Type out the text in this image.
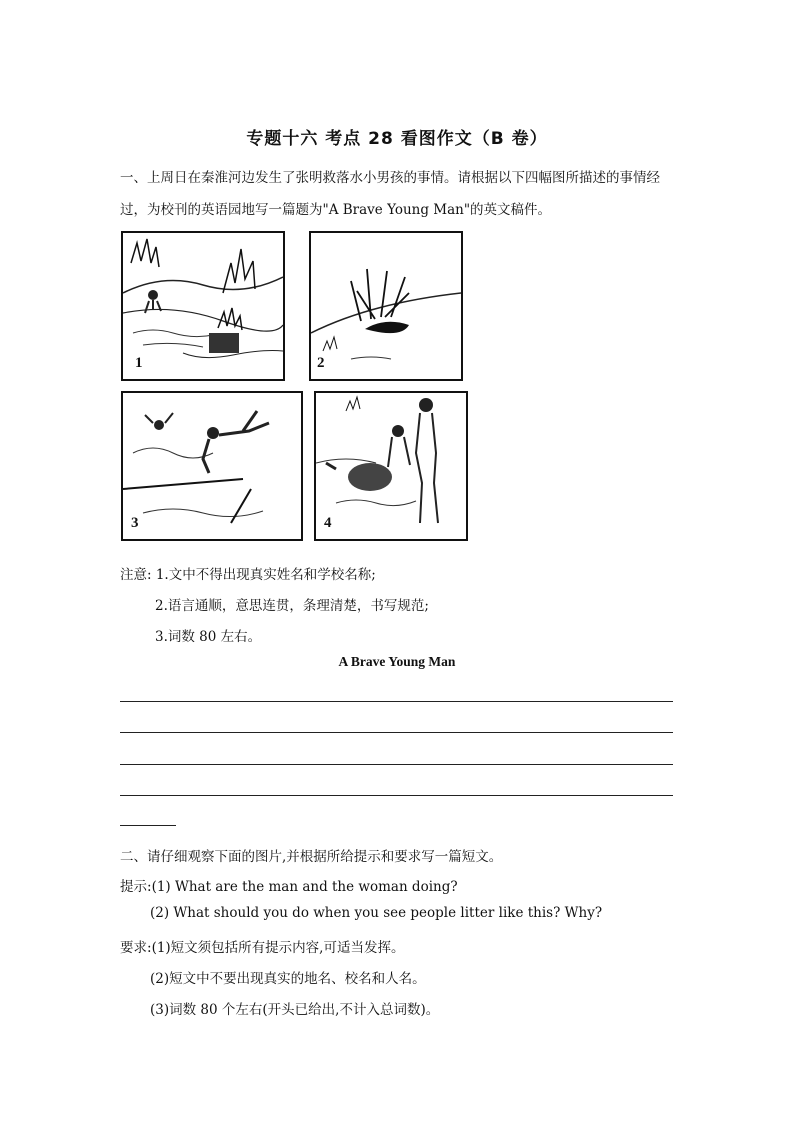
专题十六 考点 28 看图作文（B 卷）
一、上周日在秦淮河边发生了张明救落水小男孩的事情。请根据以下四幅图所描述的事情经
过，为校刊的英语园地写一篇题为"A Brave Young Man"的英文稿件。
1	2
3	4
注意: 1.文中不得出现真实姓名和学校名称;
2.语言通顺，意思连贯，条理清楚，书写规范;
3.词数 80 左右。
A Brave Young Man
二、请仔细观察下面的图片,并根据所给提示和要求写一篇短文。
提示:(1) What are the man and the woman doing?
(2) What should you do when you see people litter like this? Why?
要求:(1)短文须包括所有提示内容,可适当发挥。
(2)短文中不要出现真实的地名、校名和人名。
(3)词数 80 个左右(开头已给出,不计入总词数)。
